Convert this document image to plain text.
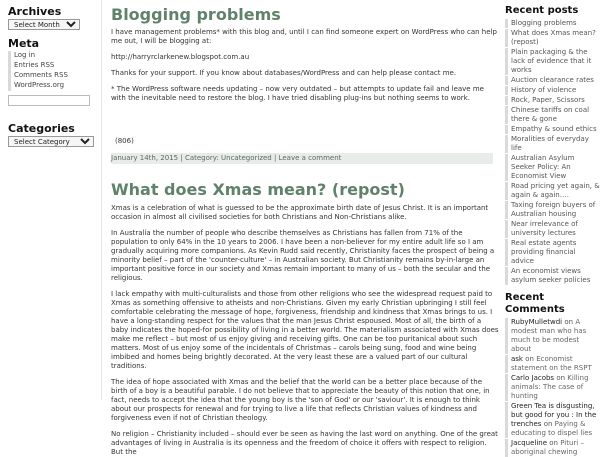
Archives
Select Month
Meta
Log in
Entries RSS
Comments RSS
WordPress.org
Categories
Select Category
Blogging problems

I have management problems* with this blog and, until I can find someone expert on WordPress who can help me out, I will be blogging at:

http://harryrclarkenew.blogspot.com.au

Thanks for your support. If you know about databases/WordPress and can help please contact me.

* The WordPress software needs updating – now very outdated – but attempts to update fail and leave me with the inevitable need to restore the blog. I have tried disabling plug-ins but nothing seems to work.

(806)

January 14th, 2015 | Category: Uncategorized | Leave a comment
What does Xmas mean? (repost)

Xmas is a celebration of what is guessed to be the approximate birth date of Jesus Christ. It is an important occasion in almost all civilised societies for both Christians and Non-Christians alike.

In Australia the number of people who describe themselves as Christians has fallen from 71% of the population to only 64% in the 10 years to 2006. I have been a non-believer for my entire adult life so I am gradually acquiring more companions. As Kevin Rudd said recently, Christianity faces the prospect of being a minority belief – part of the 'counter-culture' – in Australian society. But Christianity remains by-in-large an important positive force in our society and Xmas remain important to many of us – both the secular and the religious.

I lack empathy with multi-culturalists and those from other religions who see the widespread request paid to Xmas as something offensive to atheists and non-Christians. Given my early Christian upbringing I still feel comfortable celebrating the message of hope, forgiveness, friendship and kindness that Xmas brings to us. I have a long-standing respect for the values that the man Jesus Christ espoused. Most of all, the birth of a baby indicates the hoped-for possibility of living in a better world. The materialism associated with Xmas does make me reflect – but most of us enjoy giving and receiving gifts. One can be too puritanical about such matters. Most of us enjoy some of the incidentals of Christmas – carols being sung, food and wine being imbibed and homes being brightly decorated. At the very least these are a valued part of our cultural traditions.

The idea of hope associated with Xmas and the belief that the world can be a better place because of the birth of a boy is a beautiful parable. I do not believe that to appreciate the beauty of this notion that one, in fact, needs to accept the idea that the young boy is the 'son of God' or our 'saviour'. It is enough to think about our prospects for renewal and for trying to live a life that reflects Christian values of kindness and forgiveness even if not of Christian theology.

No religion – Christianity included – should ever be seen as having the last word on anything. One of the great advantages of living in Australia is its openness and the freedom of choice it offers with respect to religion. But the

Recent posts
Blogging problems
What does Xmas mean? (repost)
Plain packaging & the lack of evidence that it works
Auction clearance rates
History of violence
Rock, Paper, Scissors
Chinese tariffs on coal there & gone
Empathy & sound ethics
Moralities of everyday life
Australian Asylum Seeker Policy: An Economist View
Road pricing yet again, & again & again….
Taxing foreign buyers of Australian housing
Near irrelevance of university lectures
Real estate agents providing financial advice
An economist views asylum seeker policies
Recent Comments
RubyMulletwdi on A modest man who has much to be modest about
ask on Economist statement on the RSPT
Carlo Jacobs on Killing animals: The case of hunting
Green Tea is disgusting, but good for you : In the trenches on Paying & educating to dispel lies
Jacqueline on Pituri – aboriginal chewing
